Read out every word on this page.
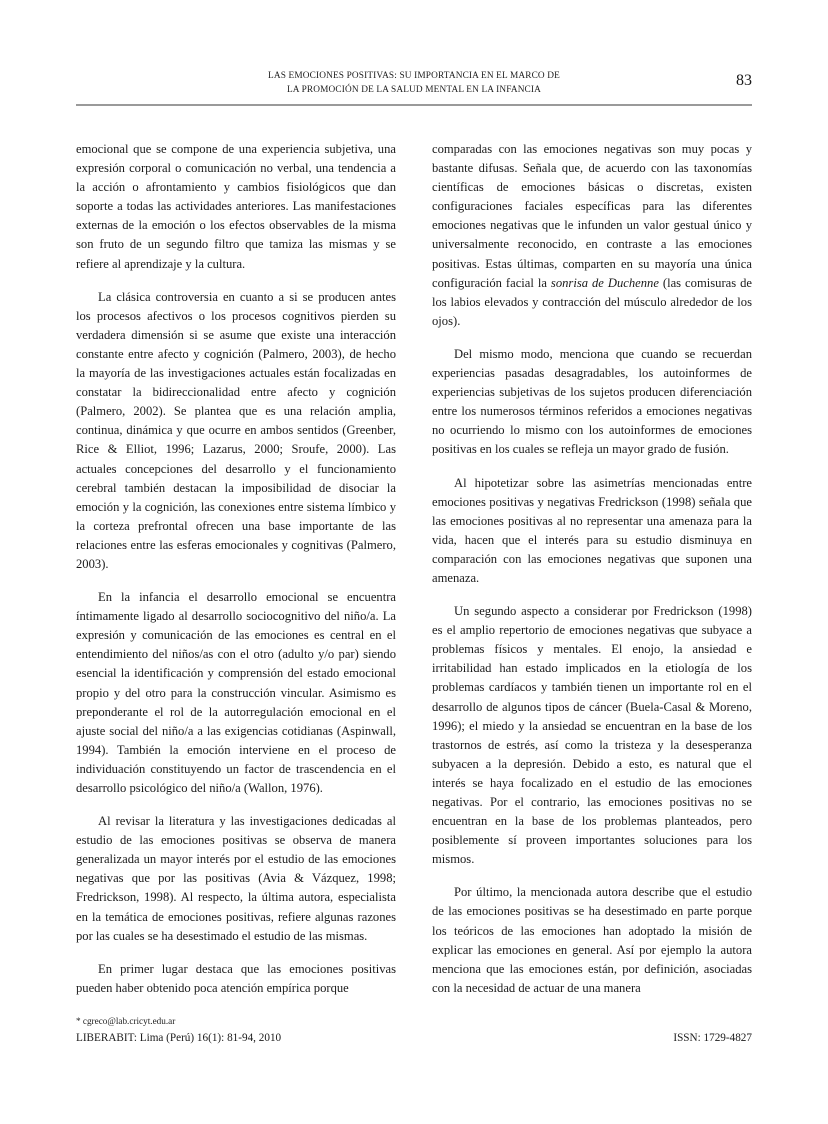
LAS EMOCIONES POSITIVAS: SU IMPORTANCIA EN EL MARCO DE
LA PROMOCIÓN DE LA SALUD MENTAL EN LA INFANCIA
83

emocional que se compone de una experiencia subjetiva, una expresión corporal o comunicación no verbal, una tendencia a la acción o afrontamiento y cambios fisiológicos que dan soporte a todas las actividades anteriores. Las manifestaciones externas de la emoción o los efectos observables de la misma son fruto de un segundo filtro que tamiza las mismas y se refiere al aprendizaje y la cultura.

La clásica controversia en cuanto a si se producen antes los procesos afectivos o los procesos cognitivos pierden su verdadera dimensión si se asume que existe una interacción constante entre afecto y cognición (Palmero, 2003), de hecho la mayoría de las investigaciones actuales están focalizadas en constatar la bidireccionalidad entre afecto y cognición (Palmero, 2002). Se plantea que es una relación amplia, continua, dinámica y que ocurre en ambos sentidos (Greenber, Rice & Elliot, 1996; Lazarus, 2000; Sroufe, 2000). Las actuales concepciones del desarrollo y el funcionamiento cerebral también destacan la imposibilidad de disociar la emoción y la cognición, las conexiones entre sistema límbico y la corteza prefrontal ofrecen una base importante de las relaciones entre las esferas emocionales y cognitivas (Palmero, 2003).

En la infancia el desarrollo emocional se encuentra íntimamente ligado al desarrollo sociocognitivo del niño/a. La expresión y comunicación de las emociones es central en el entendimiento del niños/as con el otro (adulto y/o par) siendo esencial la identificación y comprensión del estado emocional propio y del otro para la construcción vincular. Asimismo es preponderante el rol de la autorregulación emocional en el ajuste social del niño/a a las exigencias cotidianas (Aspinwall, 1994). También la emoción interviene en el proceso de individuación constituyendo un factor de trascendencia en el desarrollo psicológico del niño/a (Wallon, 1976).

Al revisar la literatura y las investigaciones dedicadas al estudio de las emociones positivas se observa de manera generalizada un mayor interés por el estudio de las emociones negativas que por las positivas (Avia & Vázquez, 1998; Fredrickson, 1998). Al respecto, la última autora, especialista en la temática de emociones positivas, refiere algunas razones por las cuales se ha desestimado el estudio de las mismas.

En primer lugar destaca que las emociones positivas pueden haber obtenido poca atención empírica porque

comparadas con las emociones negativas son muy pocas y bastante difusas. Señala que, de acuerdo con las taxonomías científicas de emociones básicas o discretas, existen configuraciones faciales específicas para las diferentes emociones negativas que le infunden un valor gestual único y universalmente reconocido, en contraste a las emociones positivas. Estas últimas, comparten en su mayoría una única configuración facial la sonrisa de Duchenne (las comisuras de los labios elevados y contracción del músculo alrededor de los ojos).

Del mismo modo, menciona que cuando se recuerdan experiencias pasadas desagradables, los autoinformes de experiencias subjetivas de los sujetos producen diferenciación entre los numerosos términos referidos a emociones negativas no ocurriendo lo mismo con los autoinformes de emociones positivas en los cuales se refleja un mayor grado de fusión.

Al hipotetizar sobre las asimetrías mencionadas entre emociones positivas y negativas Fredrickson (1998) señala que las emociones positivas al no representar una amenaza para la vida, hacen que el interés para su estudio disminuya en comparación con las emociones negativas que suponen una amenaza.

Un segundo aspecto a considerar por Fredrickson (1998) es el amplio repertorio de emociones negativas que subyace a problemas físicos y mentales. El enojo, la ansiedad e irritabilidad han estado implicados en la etiología de los problemas cardíacos y también tienen un importante rol en el desarrollo de algunos tipos de cáncer (Buela-Casal & Moreno, 1996); el miedo y la ansiedad se encuentran en la base de los trastornos de estrés, así como la tristeza y la desesperanza subyacen a la depresión. Debido a esto, es natural que el interés se haya focalizado en el estudio de las emociones negativas. Por el contrario, las emociones positivas no se encuentran en la base de los problemas planteados, pero posiblemente sí proveen importantes soluciones para los mismos.

Por último, la mencionada autora describe que el estudio de las emociones positivas se ha desestimado en parte porque los teóricos de las emociones han adoptado la misión de explicar las emociones en general. Así por ejemplo la autora menciona que las emociones están, por definición, asociadas con la necesidad de actuar de una manera

* cgreco@lab.cricyt.edu.ar
LIBERABIT: Lima (Perú) 16(1): 81-94, 2010	ISSN: 1729-4827
